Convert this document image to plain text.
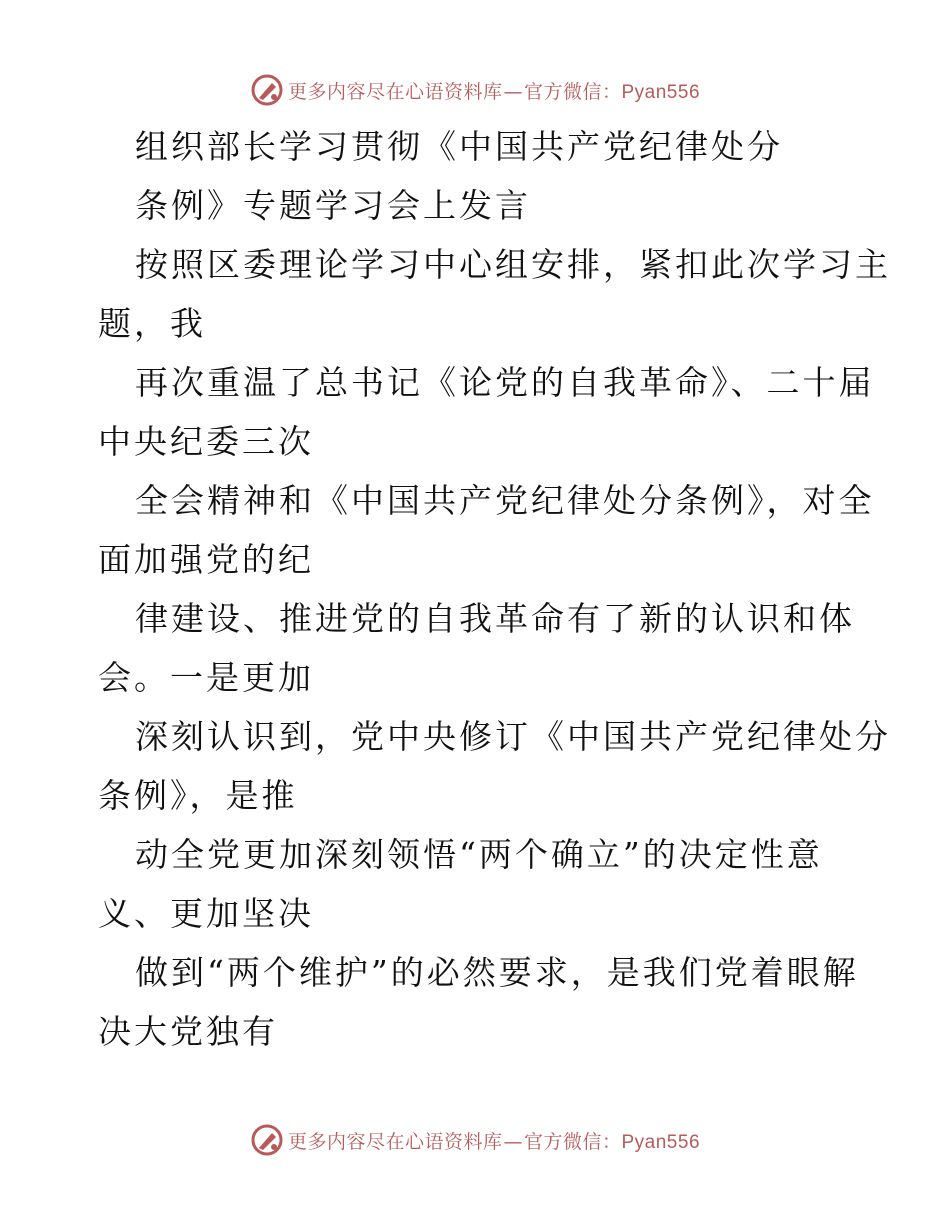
更多内容尽在心语资料库—官方微信：Pyan556
组织部长学习贯彻《中国共产党纪律处分
条例》专题学习会上发言
按照区委理论学习中心组安排，紧扣此次学习主
题，我
再次重温了总书记《论党的自我革命》、二十届
中央纪委三次
全会精神和《中国共产党纪律处分条例》，对全
面加强党的纪
律建设、推进党的自我革命有了新的认识和体
会。一是更加
深刻认识到，党中央修订《中国共产党纪律处分
条例》，是推
动全党更加深刻领悟“两个确立”的决定性意
义、更加坚决
做到“两个维护”的必然要求，是我们党着眼解
决大党独有
更多内容尽在心语资料库—官方微信：Pyan556
